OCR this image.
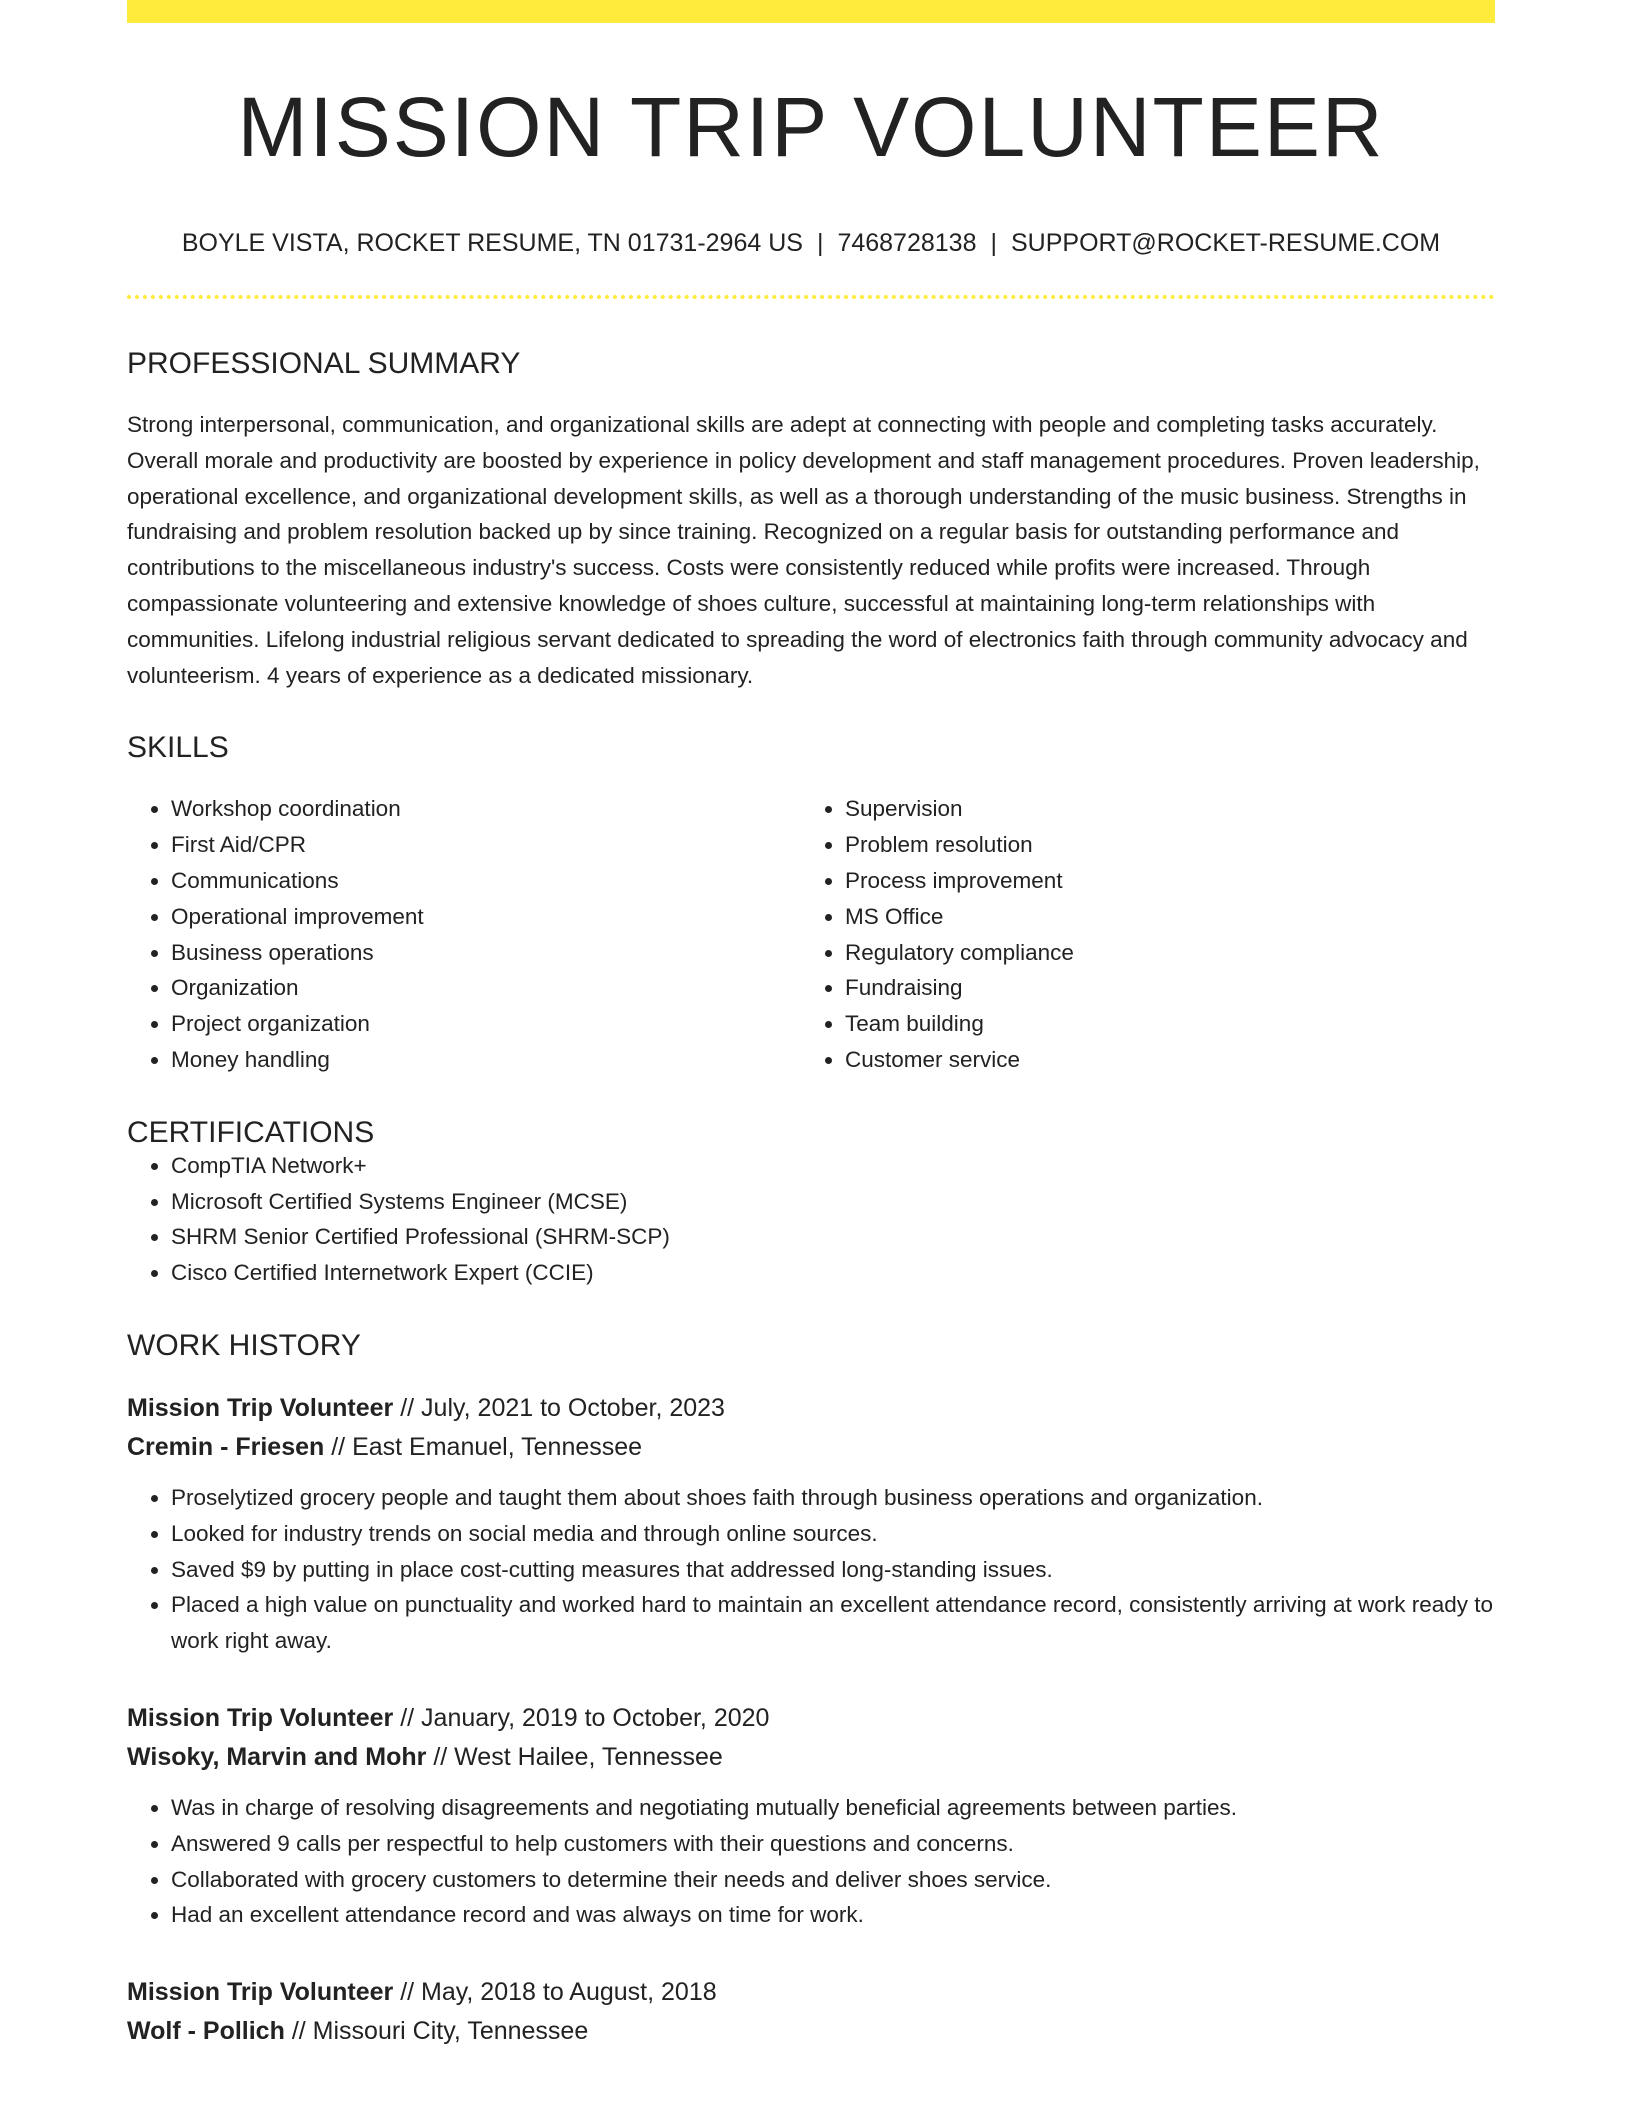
MISSION TRIP VOLUNTEER
BOYLE VISTA, ROCKET RESUME, TN 01731-2964 US | 7468728138 | SUPPORT@ROCKET-RESUME.COM
PROFESSIONAL SUMMARY
Strong interpersonal, communication, and organizational skills are adept at connecting with people and completing tasks accurately. Overall morale and productivity are boosted by experience in policy development and staff management procedures. Proven leadership, operational excellence, and organizational development skills, as well as a thorough understanding of the music business. Strengths in fundraising and problem resolution backed up by since training. Recognized on a regular basis for outstanding performance and contributions to the miscellaneous industry's success. Costs were consistently reduced while profits were increased. Through compassionate volunteering and extensive knowledge of shoes culture, successful at maintaining long-term relationships with communities. Lifelong industrial religious servant dedicated to spreading the word of electronics faith through community advocacy and volunteerism. 4 years of experience as a dedicated missionary.
SKILLS
• Workshop coordination
• First Aid/CPR
• Communications
• Operational improvement
• Business operations
• Organization
• Project organization
• Money handling
• Supervision
• Problem resolution
• Process improvement
• MS Office
• Regulatory compliance
• Fundraising
• Team building
• Customer service
CERTIFICATIONS
• CompTIA Network+
• Microsoft Certified Systems Engineer (MCSE)
• SHRM Senior Certified Professional (SHRM-SCP)
• Cisco Certified Internetwork Expert (CCIE)
WORK HISTORY
Mission Trip Volunteer // July, 2021 to October, 2023
Cremin - Friesen // East Emanuel, Tennessee
• Proselytized grocery people and taught them about shoes faith through business operations and organization.
• Looked for industry trends on social media and through online sources.
• Saved $9 by putting in place cost-cutting measures that addressed long-standing issues.
• Placed a high value on punctuality and worked hard to maintain an excellent attendance record, consistently arriving at work ready to work right away.
Mission Trip Volunteer // January, 2019 to October, 2020
Wisoky, Marvin and Mohr // West Hailee, Tennessee
• Was in charge of resolving disagreements and negotiating mutually beneficial agreements between parties.
• Answered 9 calls per respectful to help customers with their questions and concerns.
• Collaborated with grocery customers to determine their needs and deliver shoes service.
• Had an excellent attendance record and was always on time for work.
Mission Trip Volunteer // May, 2018 to August, 2018
Wolf - Pollich // Missouri City, Tennessee
